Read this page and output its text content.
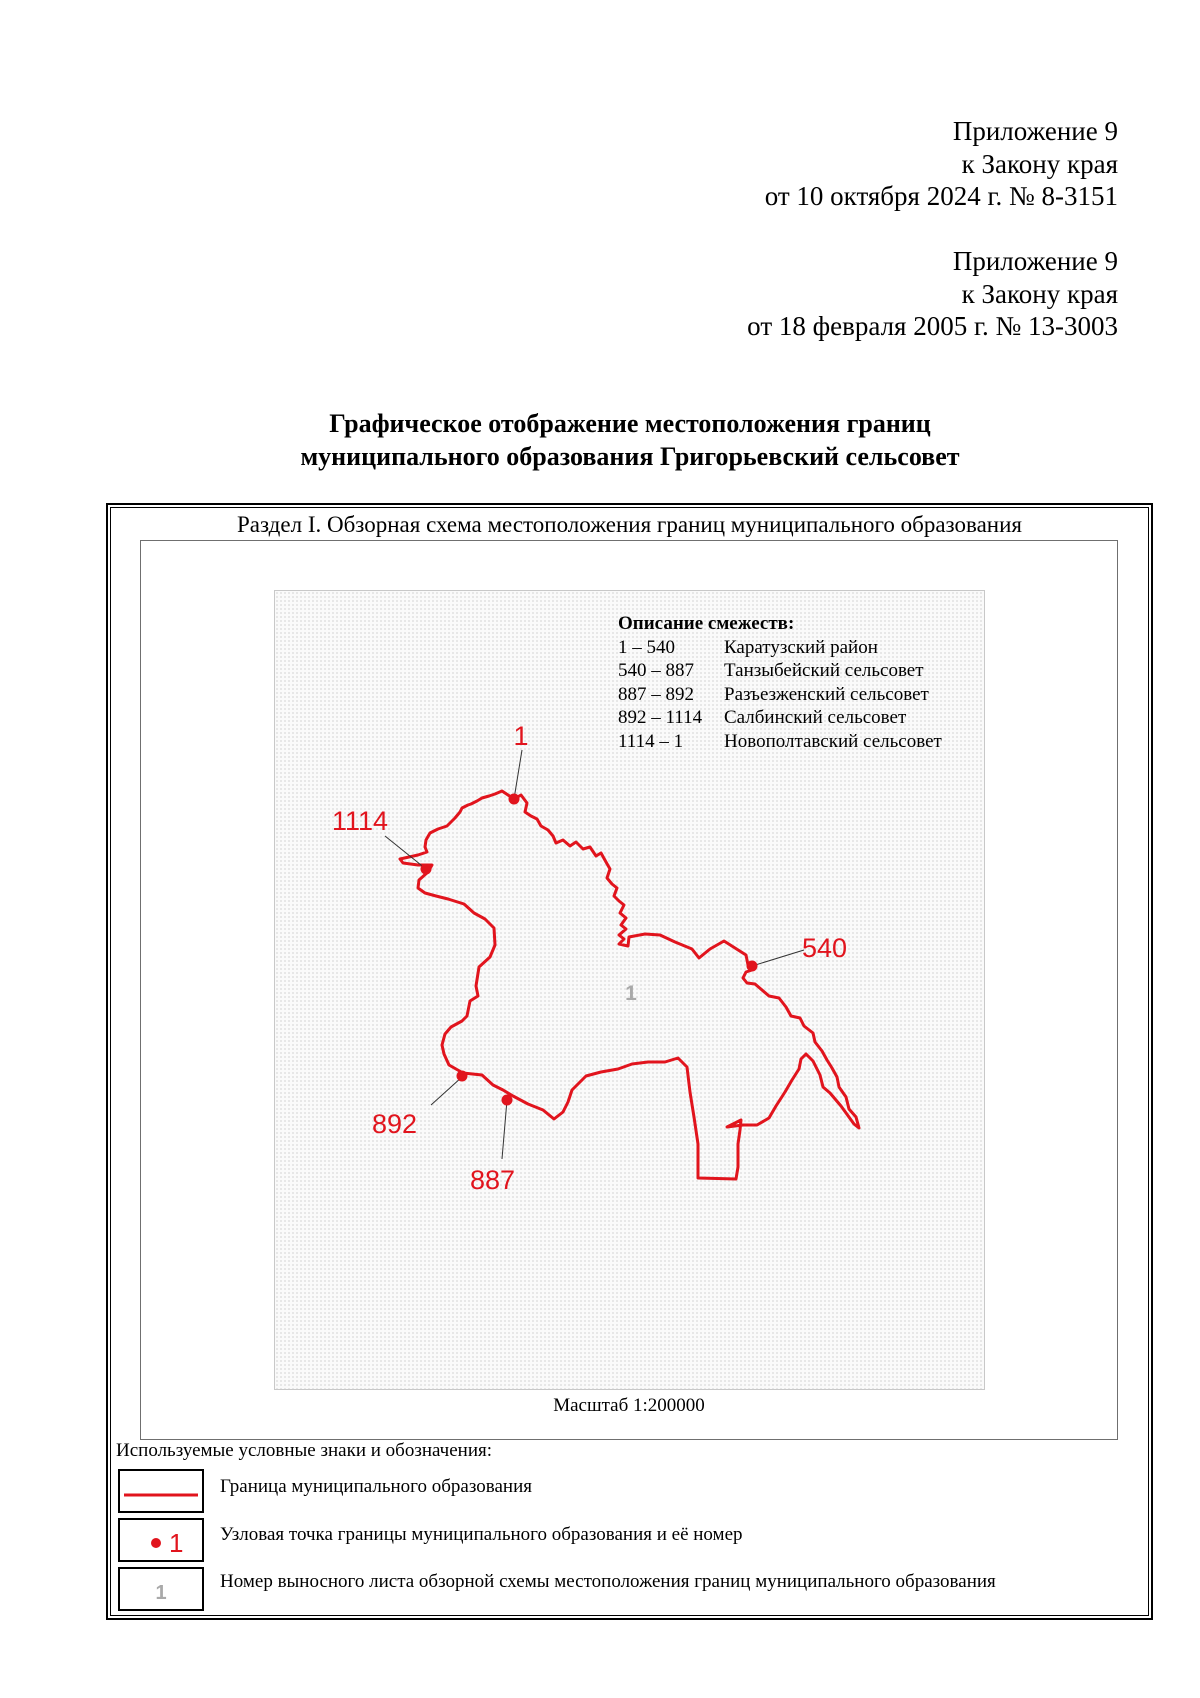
Приложение 9
к Закону края
от 10 октября 2024 г. № 8-3151
Приложение 9
к Закону края
от 18 февраля 2005 г. № 13-3003
Графическое отображение местоположения границ
муниципального образования Григорьевский сельсовет
Раздел I. Обзорная схема местоположения границ муниципального образования
Описание смежеств:
1 – 540	Каратузский район
540 – 887 Танзыбейский сельсовет
887 – 892 Разъезженский сельсовет
892 – 1114 Салбинский сельсовет
1114 – 1 Новополтавский сельсовет
1
540
887
892
1114
1
Масштаб 1:200000
Используемые условные знаки и обозначения:
Граница муниципального образования
1 Узловая точка границы муниципального образования и её номер
1
Номер выносного листа обзорной схемы местоположения границ муниципального образования
